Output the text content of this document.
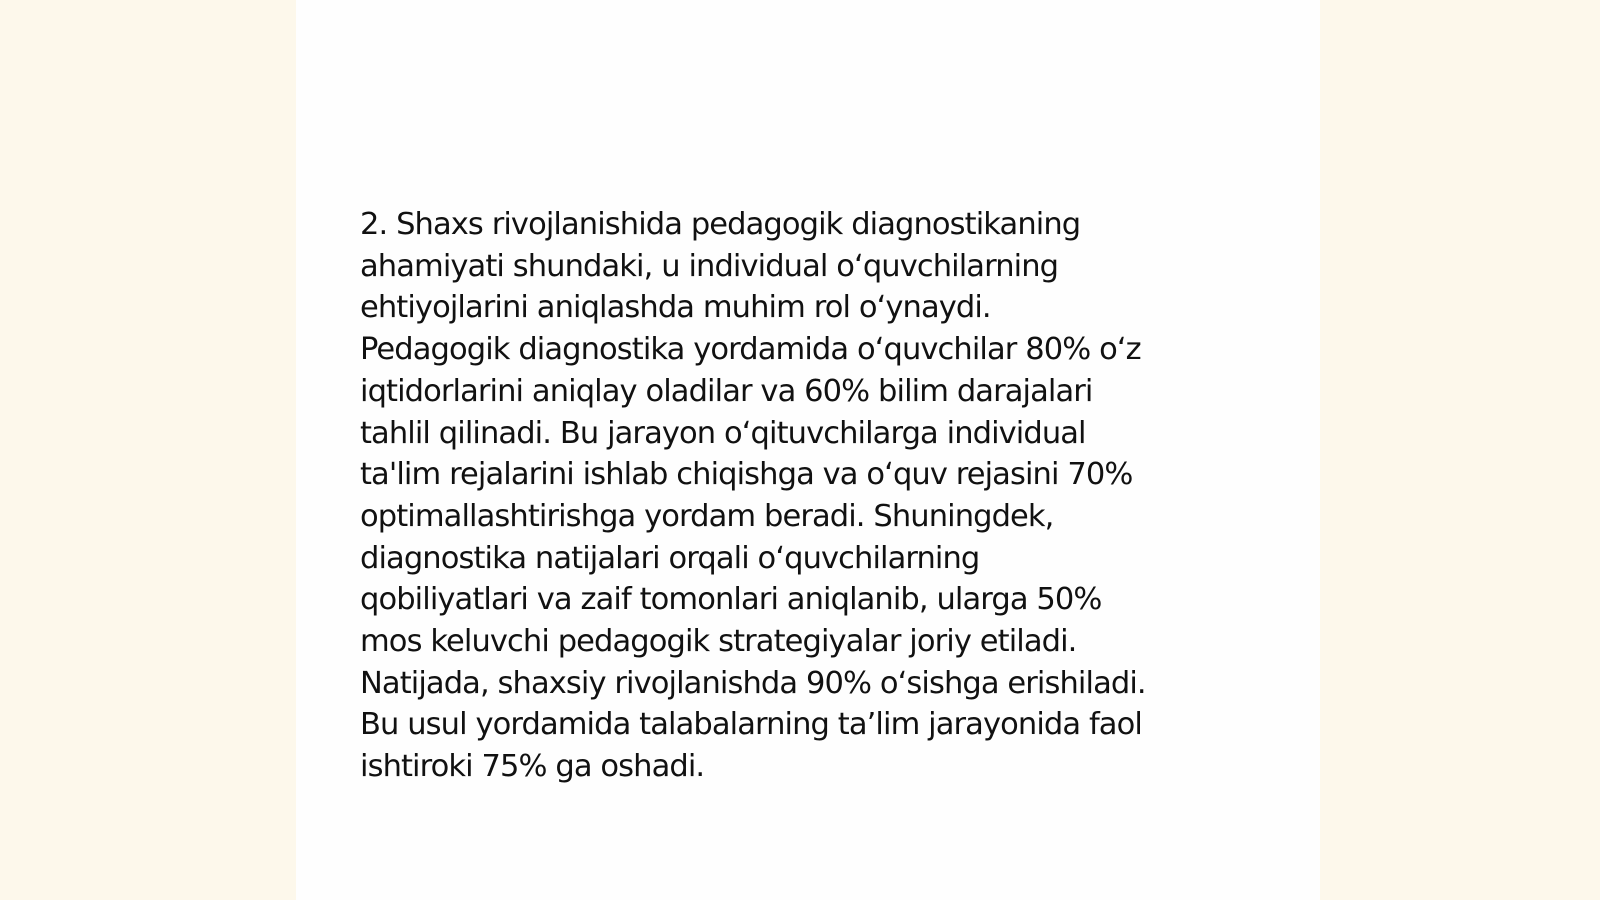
2. Shaxs rivojlanishida pedagogik diagnostikaning
ahamiyati shundaki, u individual o‘quvchilarning
ehtiyojlarini aniqlashda muhim rol o‘ynaydi.
Pedagogik diagnostika yordamida o‘quvchilar 80% o‘z
iqtidorlarini aniqlay oladilar va 60% bilim darajalari
tahlil qilinadi. Bu jarayon o‘qituvchilarga individual
ta'lim rejalarini ishlab chiqishga va o‘quv rejasini 70%
optimallashtirishga yordam beradi. Shuningdek,
diagnostika natijalari orqali o‘quvchilarning
qobiliyatlari va zaif tomonlari aniqlanib, ularga 50%
mos keluvchi pedagogik strategiyalar joriy etiladi.
Natijada, shaxsiy rivojlanishda 90% o‘sishga erishiladi.
Bu usul yordamida talabalarning ta’lim jarayonida faol
ishtiroki 75% ga oshadi.
